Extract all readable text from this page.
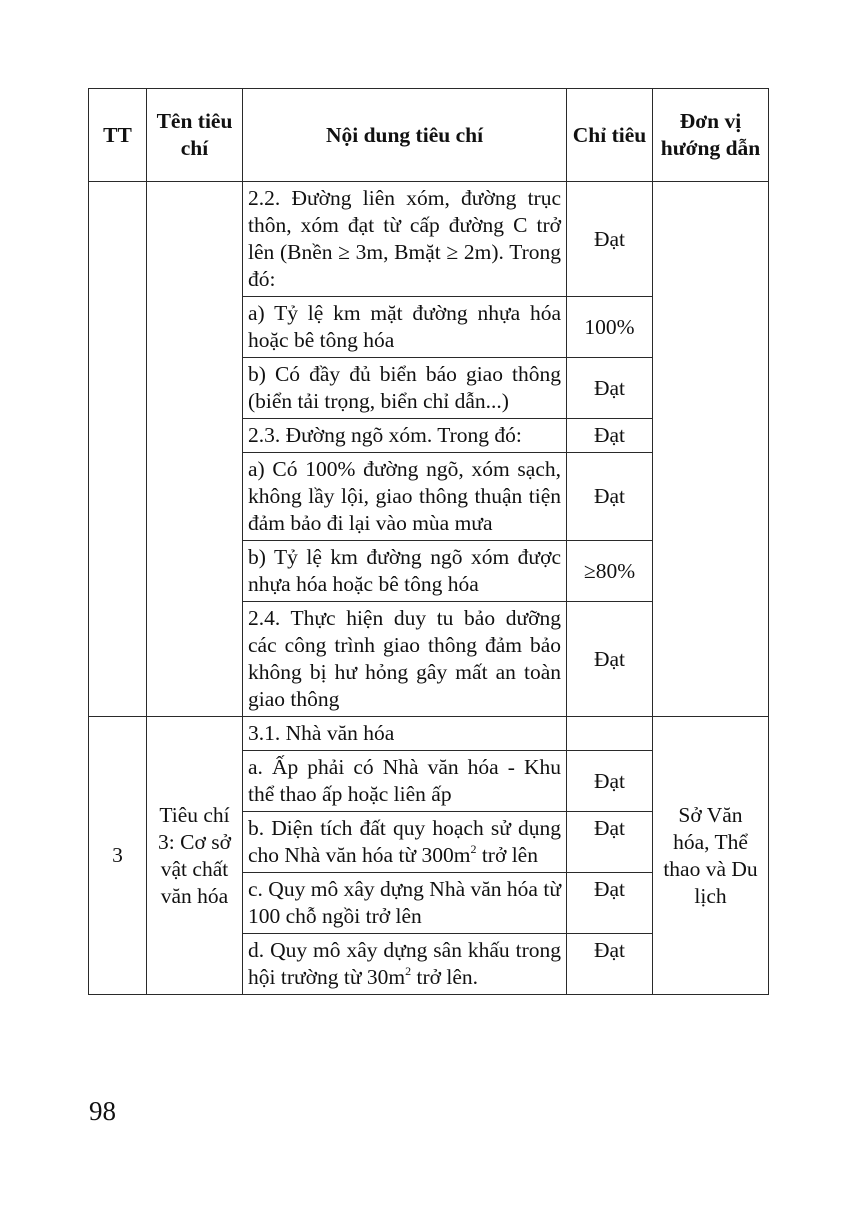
TT	Tên tiêu chí	Nội dung tiêu chí	Chỉ tiêu	Đơn vị hướng dẫn
		2.2. Đường liên xóm, đường trục thôn, xóm đạt từ cấp đường C trở lên (Bnền ≥ 3m, Bmặt ≥ 2m). Trong đó:	Đạt	
		a) Tỷ lệ km mặt đường nhựa hóa hoặc bê tông hóa	100%	
		b) Có đầy đủ biển báo giao thông (biển tải trọng, biển chỉ dẫn...)	Đạt	
		2.3. Đường ngõ xóm. Trong đó:	Đạt	
		a) Có 100% đường ngõ, xóm sạch, không lầy lội, giao thông thuận tiện đảm bảo đi lại vào mùa mưa	Đạt	
		b) Tỷ lệ km đường ngõ xóm được nhựa hóa hoặc bê tông hóa	≥80%	
		2.4. Thực hiện duy tu bảo dưỡng các công trình giao thông đảm bảo không bị hư hỏng gây mất an toàn giao thông	Đạt	
3	Tiêu chí 3: Cơ sở vật chất văn hóa	3.1. Nhà văn hóa		Sở Văn hóa, Thể thao và Du lịch
		a. Ấp phải có Nhà văn hóa - Khu thể thao ấp hoặc liên ấp	Đạt	
		b. Diện tích đất quy hoạch sử dụng cho Nhà văn hóa từ $300m^2$ trở lên	Đạt	
		c. Quy mô xây dựng Nhà văn hóa từ 100 chỗ ngồi trở lên	Đạt	
		d. Quy mô xây dựng sân khấu trong hội trường từ $30m^2$ trở lên.	Đạt	
98
